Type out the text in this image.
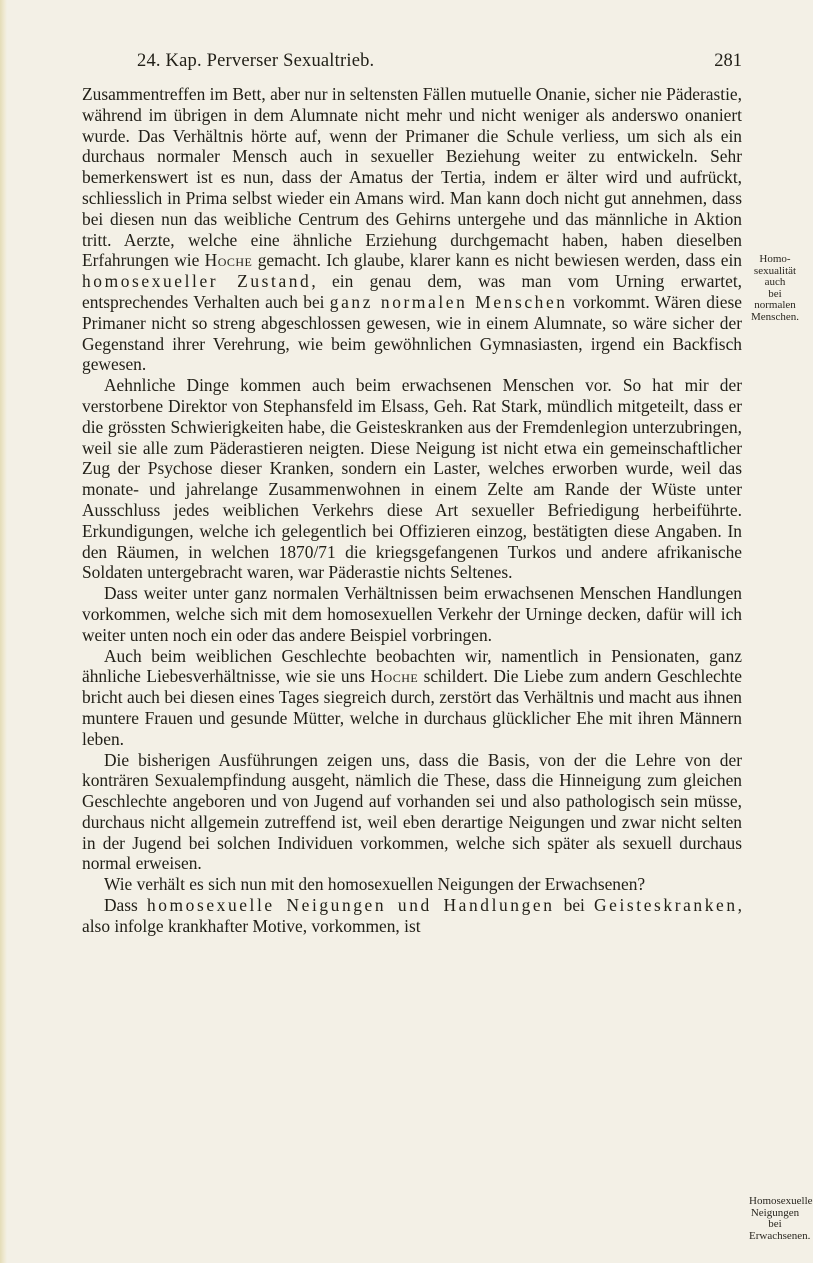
24. Kap. Perverser Sexualtrieb.	281

Zusammentreffen im Bett, aber nur in seltensten Fällen mutuelle Onanie, sicher nie Päderastie, während im übrigen in dem Alumnate nicht mehr und nicht weniger als anderswo onaniert wurde. Das Verhältnis hörte auf, wenn der Primaner die Schule verliess, um sich als ein durchaus normaler Mensch auch in sexueller Beziehung weiter zu entwickeln. Sehr bemerkenswert ist es nun, dass der Amatus der Tertia, indem er älter wird und aufrückt, schliesslich in Prima selbst wieder ein Amans wird. Man kann doch nicht gut annehmen, dass bei diesen nun das weibliche Centrum des Gehirns untergehe und das männliche in Aktion tritt. Aerzte, welche eine ähnliche Erziehung durchgemacht haben, haben dieselben Erfahrungen wie Hoche gemacht. Ich glaube, klarer kann es nicht bewiesen werden, dass ein homosexueller Zustand, ein genau dem, was man vom Urning erwartet, entsprechendes Verhalten auch bei ganz normalen Menschen vorkommt. Wären diese Primaner nicht so streng abgeschlossen gewesen, wie in einem Alumnate, so wäre sicher der Gegenstand ihrer Verehrung, wie beim gewöhnlichen Gymnasiasten, irgend ein Backfisch gewesen.

Aehnliche Dinge kommen auch beim erwachsenen Menschen vor. So hat mir der verstorbene Direktor von Stephansfeld im Elsass, Geh. Rat Stark, mündlich mitgeteilt, dass er die grössten Schwierigkeiten habe, die Geisteskranken aus der Fremdenlegion unterzubringen, weil sie alle zum Päderastieren neigten. Diese Neigung ist nicht etwa ein gemeinschaftlicher Zug der Psychose dieser Kranken, sondern ein Laster, welches erworben wurde, weil das monate- und jahrelange Zusammenwohnen in einem Zelte am Rande der Wüste unter Ausschluss jedes weiblichen Verkehrs diese Art sexueller Befriedigung herbeiführte. Erkundigungen, welche ich gelegentlich bei Offizieren einzog, bestätigten diese Angaben. In den Räumen, in welchen 1870/71 die kriegsgefangenen Turkos und andere afrikanische Soldaten untergebracht waren, war Päderastie nichts Seltenes.

Dass weiter unter ganz normalen Verhältnissen beim erwachsenen Menschen Handlungen vorkommen, welche sich mit dem homosexuellen Verkehr der Urninge decken, dafür will ich weiter unten noch ein oder das andere Beispiel vorbringen.

Auch beim weiblichen Geschlechte beobachten wir, namentlich in Pensionaten, ganz ähnliche Liebesverhältnisse, wie sie uns Hoche schildert. Die Liebe zum andern Geschlechte bricht auch bei diesen eines Tages siegreich durch, zerstört das Verhältnis und macht aus ihnen muntere Frauen und gesunde Mütter, welche in durchaus glücklicher Ehe mit ihren Männern leben.

Die bisherigen Ausführungen zeigen uns, dass die Basis, von der die Lehre von der konträren Sexualempfindung ausgeht, nämlich die These, dass die Hinneigung zum gleichen Geschlechte angeboren und von Jugend auf vorhanden sei und also pathologisch sein müsse, durchaus nicht allgemein zutreffend ist, weil eben derartige Neigungen und zwar nicht selten in der Jugend bei solchen Individuen vorkommen, welche sich später als sexuell durchaus normal erweisen.

Wie verhält es sich nun mit den homosexuellen Neigungen der Erwachsenen?

Dass homosexuelle Neigungen und Handlungen bei Geisteskranken, also infolge krankhafter Motive, vorkommen, ist

Homo-
sexualität auch
bei normalen
Menschen.
Homosexuelle
Neigungen bei
Erwachsenen.
